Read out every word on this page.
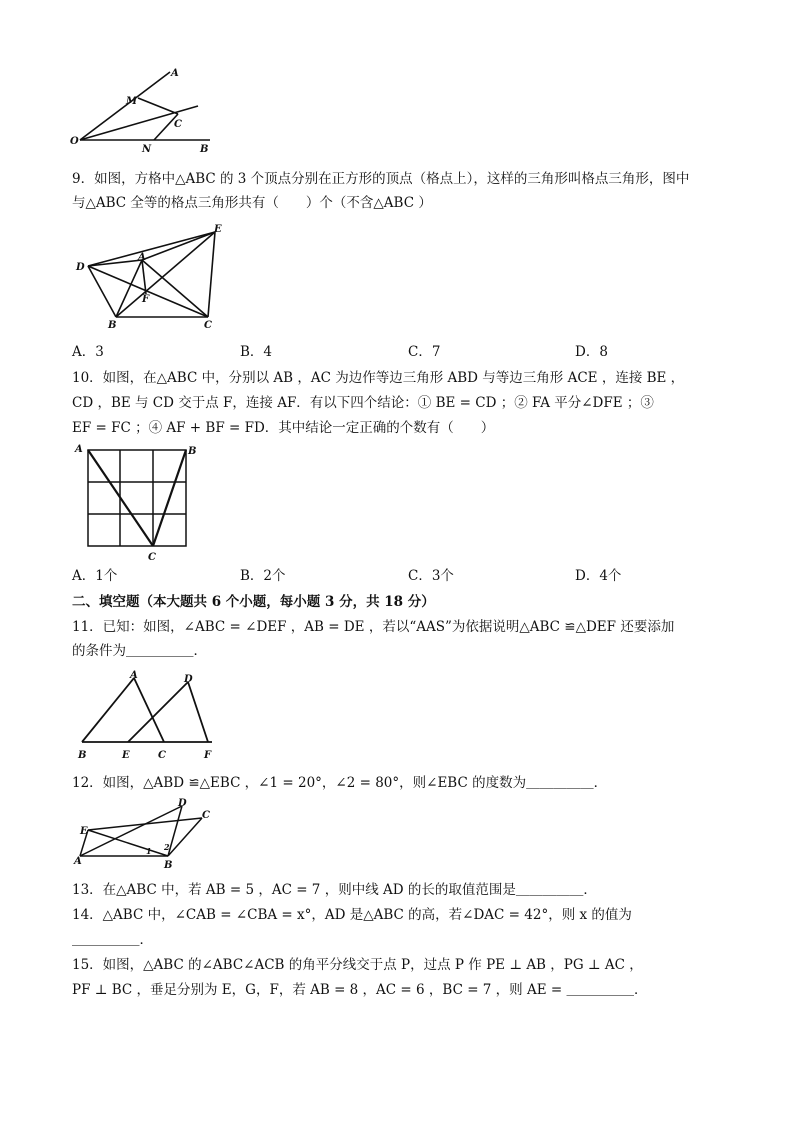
A
M
C
O
N	B
9．如图，方格中△ABC 的 3 个顶点分别在正方形的顶点（格点上），这样的三角形叫格点三角形，图中
与△ABC 全等的格点三角形共有（　　）个（不含△ABC ）
E
D
A
F
B	C
A．3	B．4	C．7	D．8
10．如图，在△ABC 中，分别以 AB ，AC 为边作等边三角形 ABD 与等边三角形 ACE ，连接 BE ，
CD ，BE 与 CD 交于点 F，连接 AF．有以下四个结论：① BE = CD ；② FA 平分∠DFE ；③
EF = FC ；④ AF + BF = FD．其中结论一定正确的个数有（　　）
A	B
C
A．1个	B．2个	C．3个	D．4个
二、填空题（本大题共 6 个小题，每小题 3 分，共 18 分）
11．已知：如图，∠ABC = ∠DEF ，AB = DE ，若以“AAS”为依据说明△ABC ≌△DEF 还要添加
的条件为＿＿＿＿＿．
A	D
B	E	C	F
12．如图，△ABD ≌△EBC ，∠1 = 20°，∠2 = 80°，则∠EBC 的度数为＿＿＿＿＿．
D
C
E
A
1 2
B
13．在△ABC 中，若 AB = 5 ，AC = 7 ，则中线 AD 的长的取值范围是＿＿＿＿＿．
14．△ABC 中，∠CAB = ∠CBA = x°，AD 是△ABC 的高，若∠DAC = 42°，则 x 的值为
＿＿＿＿＿．
15．如图，△ABC 的∠ABC∠ACB 的角平分线交于点 P，过点 P 作 PE ⊥ AB ，PG ⊥ AC ，
PF ⊥ BC ，垂足分别为 E，G，F，若 AB = 8 ，AC = 6 ，BC = 7 ，则 AE = ＿＿＿＿＿．
